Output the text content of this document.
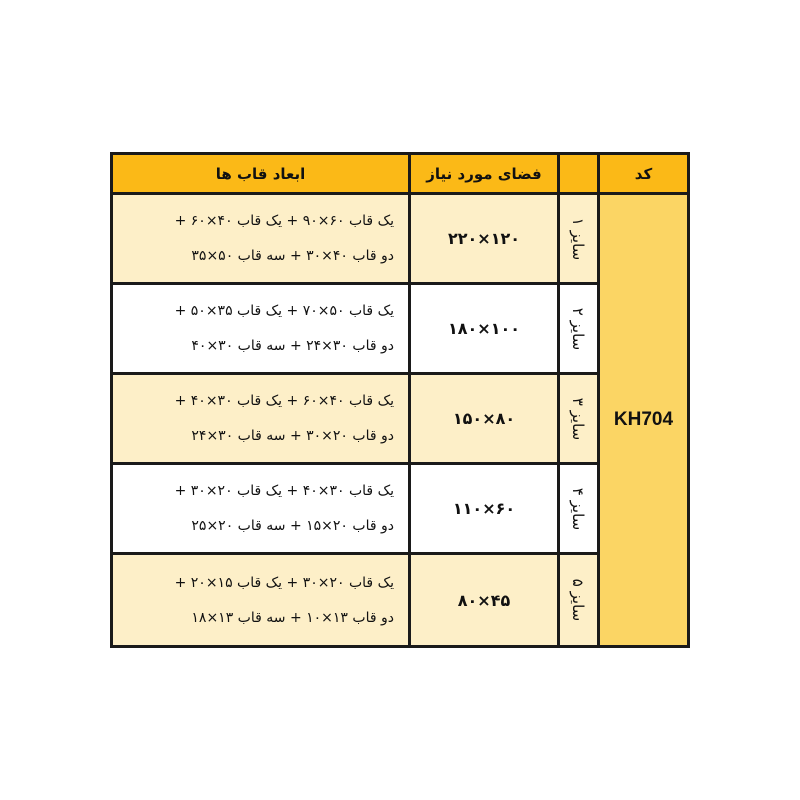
ابعاد قاب ها	فضای مورد نیاز	کد
KH704
یک قاب ۶۰×۹۰ + یک قاب ۴۰×۶۰ +
دو قاب ۴۰×۳۰ + سه قاب ۵۰×۳۵
۱۲۰×۲۲۰
سایز ۱
یک قاب ۵۰×۷۰ + یک قاب ۳۵×۵۰ +
دو قاب ۳۰×۲۴ + سه قاب ۳۰×۴۰
۱۰۰×۱۸۰
سایز ۲
یک قاب ۴۰×۶۰ + یک قاب ۳۰×۴۰ +
دو قاب ۲۰×۳۰ + سه قاب ۳۰×۲۴
۸۰×۱۵۰
سایز ۳
یک قاب ۳۰×۴۰ + یک قاب ۲۰×۳۰ +
دو قاب ۲۰×۱۵ + سه قاب ۲۰×۲۵
۶۰×۱۱۰
سایز ۴
یک قاب ۲۰×۳۰ + یک قاب ۱۵×۲۰ +
دو قاب ۱۳×۱۰ + سه قاب ۱۳×۱۸
۴۵×۸۰
سایز ۵
